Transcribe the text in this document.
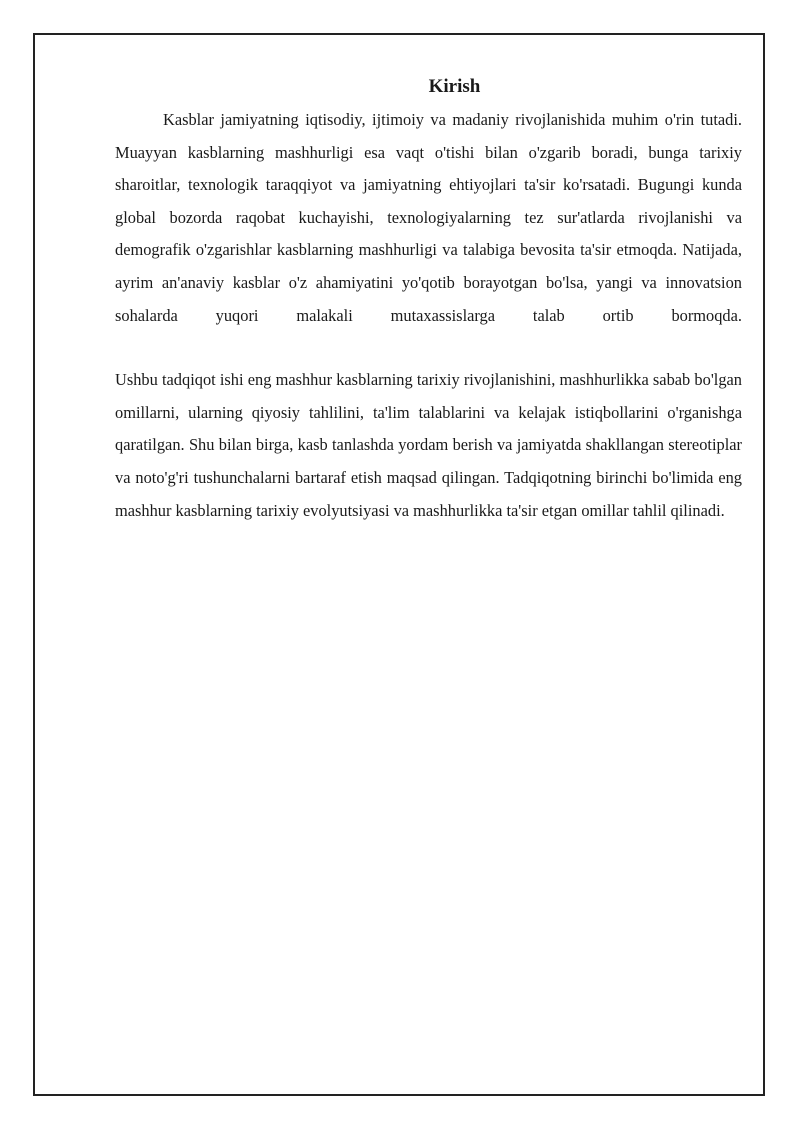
Kirish

Kasblar jamiyatning iqtisodiy, ijtimoiy va madaniy rivojlanishida muhim o'rin tutadi. Muayyan kasblarning mashhurligi esa vaqt o'tishi bilan o'zgarib boradi, bunga tarixiy sharoitlar, texnologik taraqqiyot va jamiyatning ehtiyojlari ta'sir ko'rsatadi. Bugungi kunda global bozorda raqobat kuchayishi, texnologiyalarning tez sur'atlarda rivojlanishi va demografik o'zgarishlar kasblarning mashhurligi va talabiga bevosita ta'sir etmoqda. Natijada, ayrim an'anaviy kasblar o'z ahamiyatini yo'qotib borayotgan bo'lsa, yangi va innovatsion sohalarda yuqori malakali mutaxassislarga talab ortib bormoqda.

Ushbu tadqiqot ishi eng mashhur kasblarning tarixiy rivojlanishini, mashhurlikka sabab bo'lgan omillarni, ularning qiyosiy tahlilini, ta'lim talablarini va kelajak istiqbollarini o'rganishga qaratilgan. Shu bilan birga, kasb tanlashda yordam berish va jamiyatda shakllangan stereotiplar va noto'g'ri tushunchalarni bartaraf etish maqsad qilingan. Tadqiqotning birinchi bo'limida eng mashhur kasblarning tarixiy evolyutsiyasi va mashhurlikka ta'sir etgan omillar tahlil qilinadi.
